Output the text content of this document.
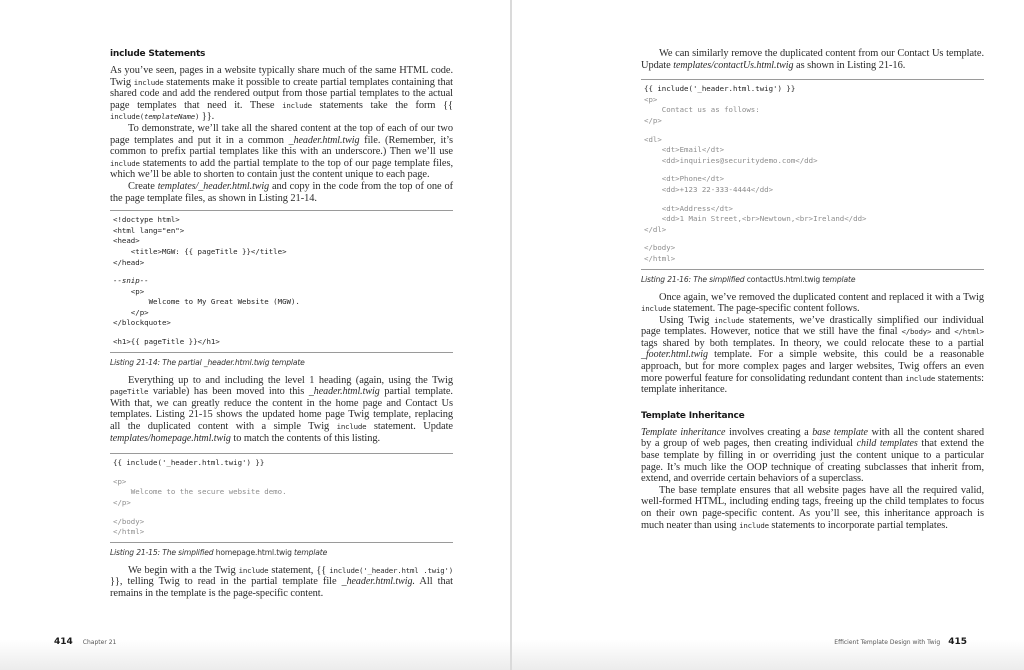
include Statements

As you’ve seen, pages in a website typically share much of the same HTML code. Twig include statements make it possible to create partial templates containing that shared code and add the rendered output from those partial templates to the actual page templates that need it. These include statements take the form {{ include(templateName) }}.

To demonstrate, we’ll take all the shared content at the top of each of our two page templates and put it in a common _header.html.twig file. (Remember, it’s common to prefix partial templates like this with an underscore.) Then we’ll use include statements to add the partial template to the top of our page template files, which we’ll be able to shorten to contain just the content unique to each page.

Create templates/_header.html.twig and copy in the code from the top of one of the page template files, as shown in Listing 21-14.

<!doctype html>
<html lang="en">
<head>
<title>MGW: {{ pageTitle }}</title>
</head>
--snip--
<p>
Welcome to My Great Website (MGW).
</p>
</blockquote>
<h1>{{ pageTitle }}</h1>
Listing 21-14: The partial _header.html.twig template

Everything up to and including the level 1 heading (again, using the Twig pageTitle variable) has been moved into this _header.html.twig partial template. With that, we can greatly reduce the content in the home page and Contact Us templates. Listing 21-15 shows the updated home page Twig template, replacing all the duplicated content with a simple Twig include statement. Update templates/homepage.html.twig to match the contents of this listing.

{{ include('_header.html.twig') }}
<p>
Welcome to the secure website demo.
</p>
</body>
</html>
Listing 21-15: The simplified homepage.html.twig template

We begin with a the Twig include statement, {{ include('_header.html .twig') }}, telling Twig to read in the partial template file _header.html.twig. All that remains in the template is the page-specific content.

414 Chapter 21

We can similarly remove the duplicated content from our Contact Us template. Update templates/contactUs.html.twig as shown in Listing 21-16.

{{ include('_header.html.twig') }}
<p>
Contact us as follows:
</p>
<dl>
<dt>Email</dt>
<dd>inquiries@securitydemo.com</dd>
<dt>Phone</dt>
<dd>+123 22-333-4444</dd>
<dt>Address</dt>
<dd>1 Main Street,<br>Newtown,<br>Ireland</dd>
</dl>
</body>
</html>
Listing 21-16: The simplified contactUs.html.twig template

Once again, we’ve removed the duplicated content and replaced it with a Twig include statement. The page-specific content follows.

Using Twig include statements, we’ve drastically simplified our individual page templates. However, notice that we still have the final </body> and </html> tags shared by both templates. In theory, we could relocate these to a partial _footer.html.twig template. For a simple website, this could be a reasonable approach, but for more complex pages and larger websites, Twig offers an even more powerful feature for consolidating redundant content than include statements: template inheritance.

Template Inheritance

Template inheritance involves creating a base template with all the content shared by a group of web pages, then creating individual child templates that extend the base template by filling in or overriding just the content unique to a particular page. It’s much like the OOP technique of creating subclasses that inherit from, extend, and override certain behaviors of a superclass.

The base template ensures that all website pages have all the required valid, well-formed HTML, including ending tags, freeing up the child templates to focus on their own page-specific content. As you’ll see, this inheritance approach is much neater than using include statements to incorporate partial templates.

Efficient Template Design with Twig 415
